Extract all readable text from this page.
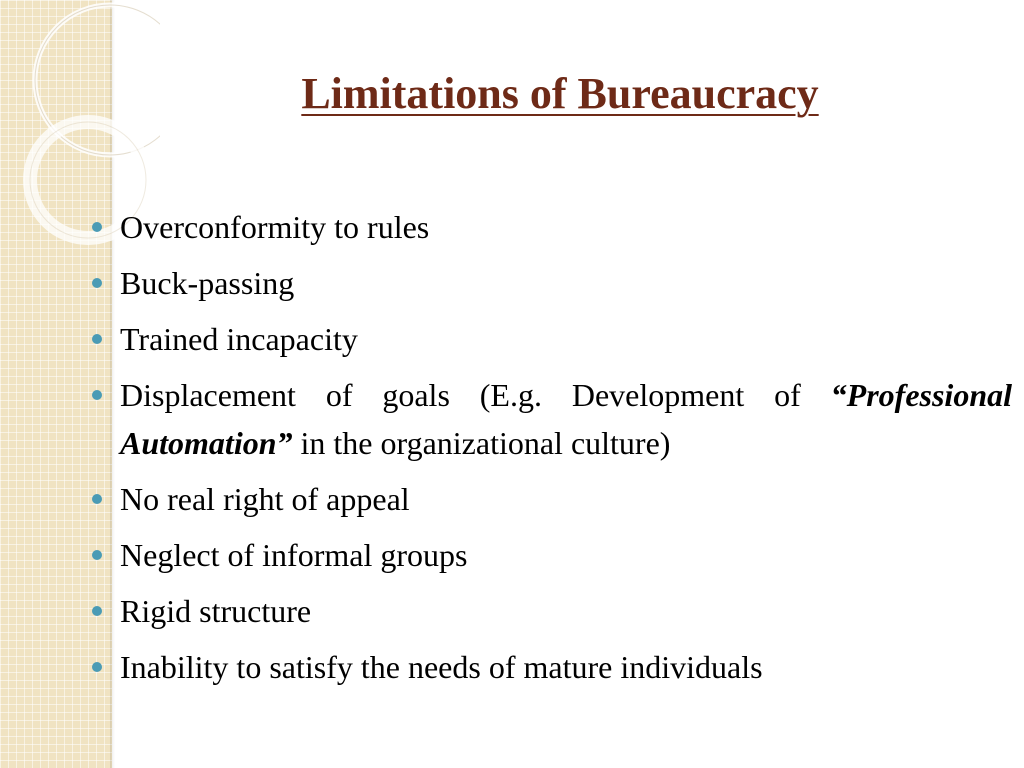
Limitations of Bureaucracy
Overconformity to rules
Buck-passing
Trained incapacity
Displacement of goals (E.g. Development of “Professional Automation” in the organizational culture)
No real right of appeal
Neglect of informal groups
Rigid structure
Inability to satisfy the needs of mature individuals
